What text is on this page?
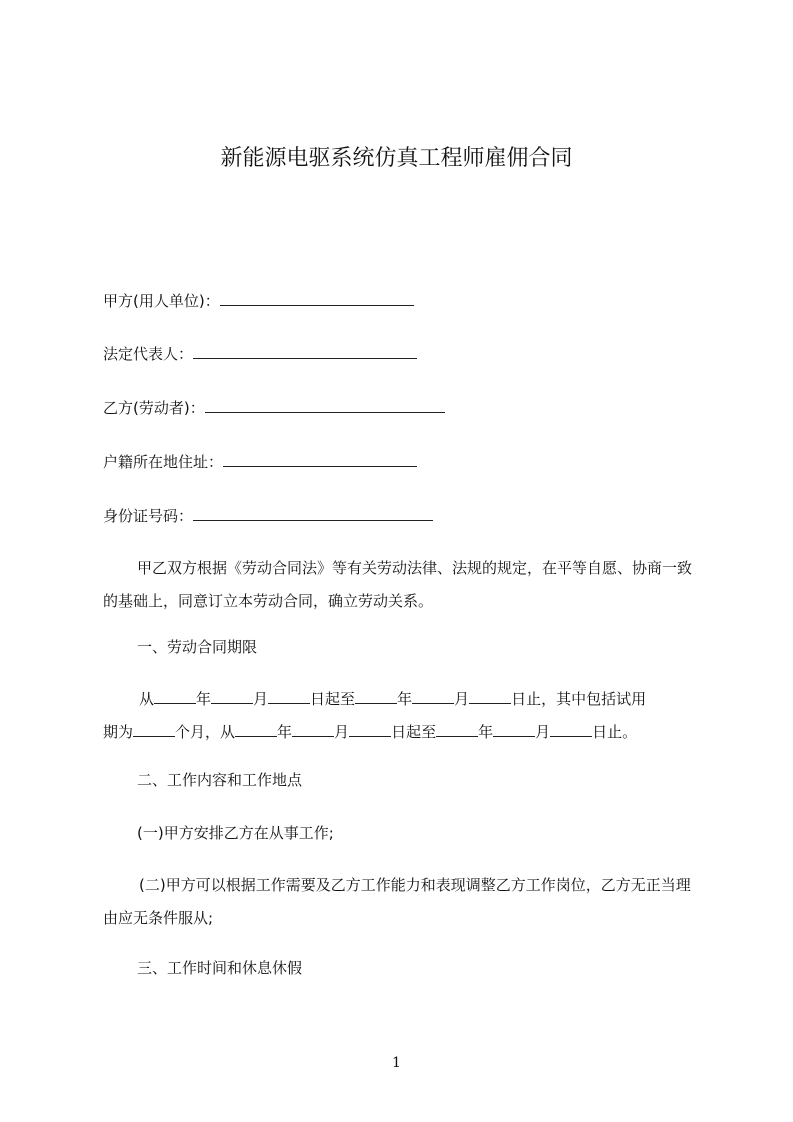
新能源电驱系统仿真工程师雇佣合同
甲方(用人单位)：
法定代表人：
乙方(劳动者)：
户籍所在地住址：
身份证号码：
甲乙双方根据《劳动合同法》等有关劳动法律、法规的规定，在平等自愿、协商一致的基础上，同意订立本劳动合同，确立劳动关系。
一、劳动合同期限
从	年	月	日起至	年	月	日止，其中包括试用
期为	个月，从	年	月	日起至	年	月	日止。
二、工作内容和工作地点
(一)甲方安排乙方在从事工作;
(二)甲方可以根据工作需要及乙方工作能力和表现调整乙方工作岗位，乙方无正当理由应无条件服从;
三、工作时间和休息休假
1
